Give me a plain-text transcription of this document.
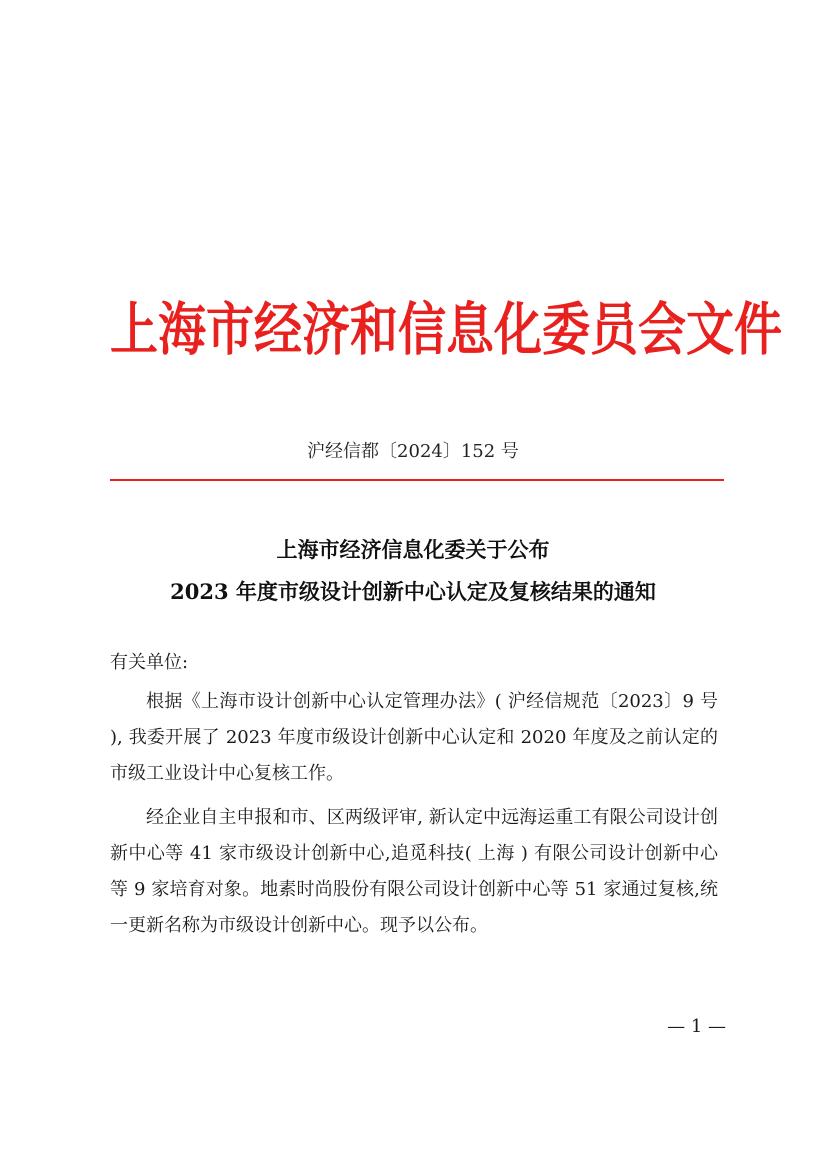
上海市经济和信息化委员会文件
沪经信都〔2024〕152 号
上海市经济信息化委关于公布
2023 年度市级设计创新中心认定及复核结果的通知
有关单位:

根据《上海市设计创新中心认定管理办法》( 沪经信规范〔2023〕9 号 ), 我委开展了 2023 年度市级设计创新中心认定和 2020 年度及之前认定的市级工业设计中心复核工作。

经企业自主申报和市、区两级评审, 新认定中远海运重工有限公司设计创新中心等 41 家市级设计创新中心,追觅科技( 上海 ) 有限公司设计创新中心等 9 家培育对象。地素时尚股份有限公司设计创新中心等 51 家通过复核,统一更新名称为市级设计创新中心。现予以公布。

— 1 —
